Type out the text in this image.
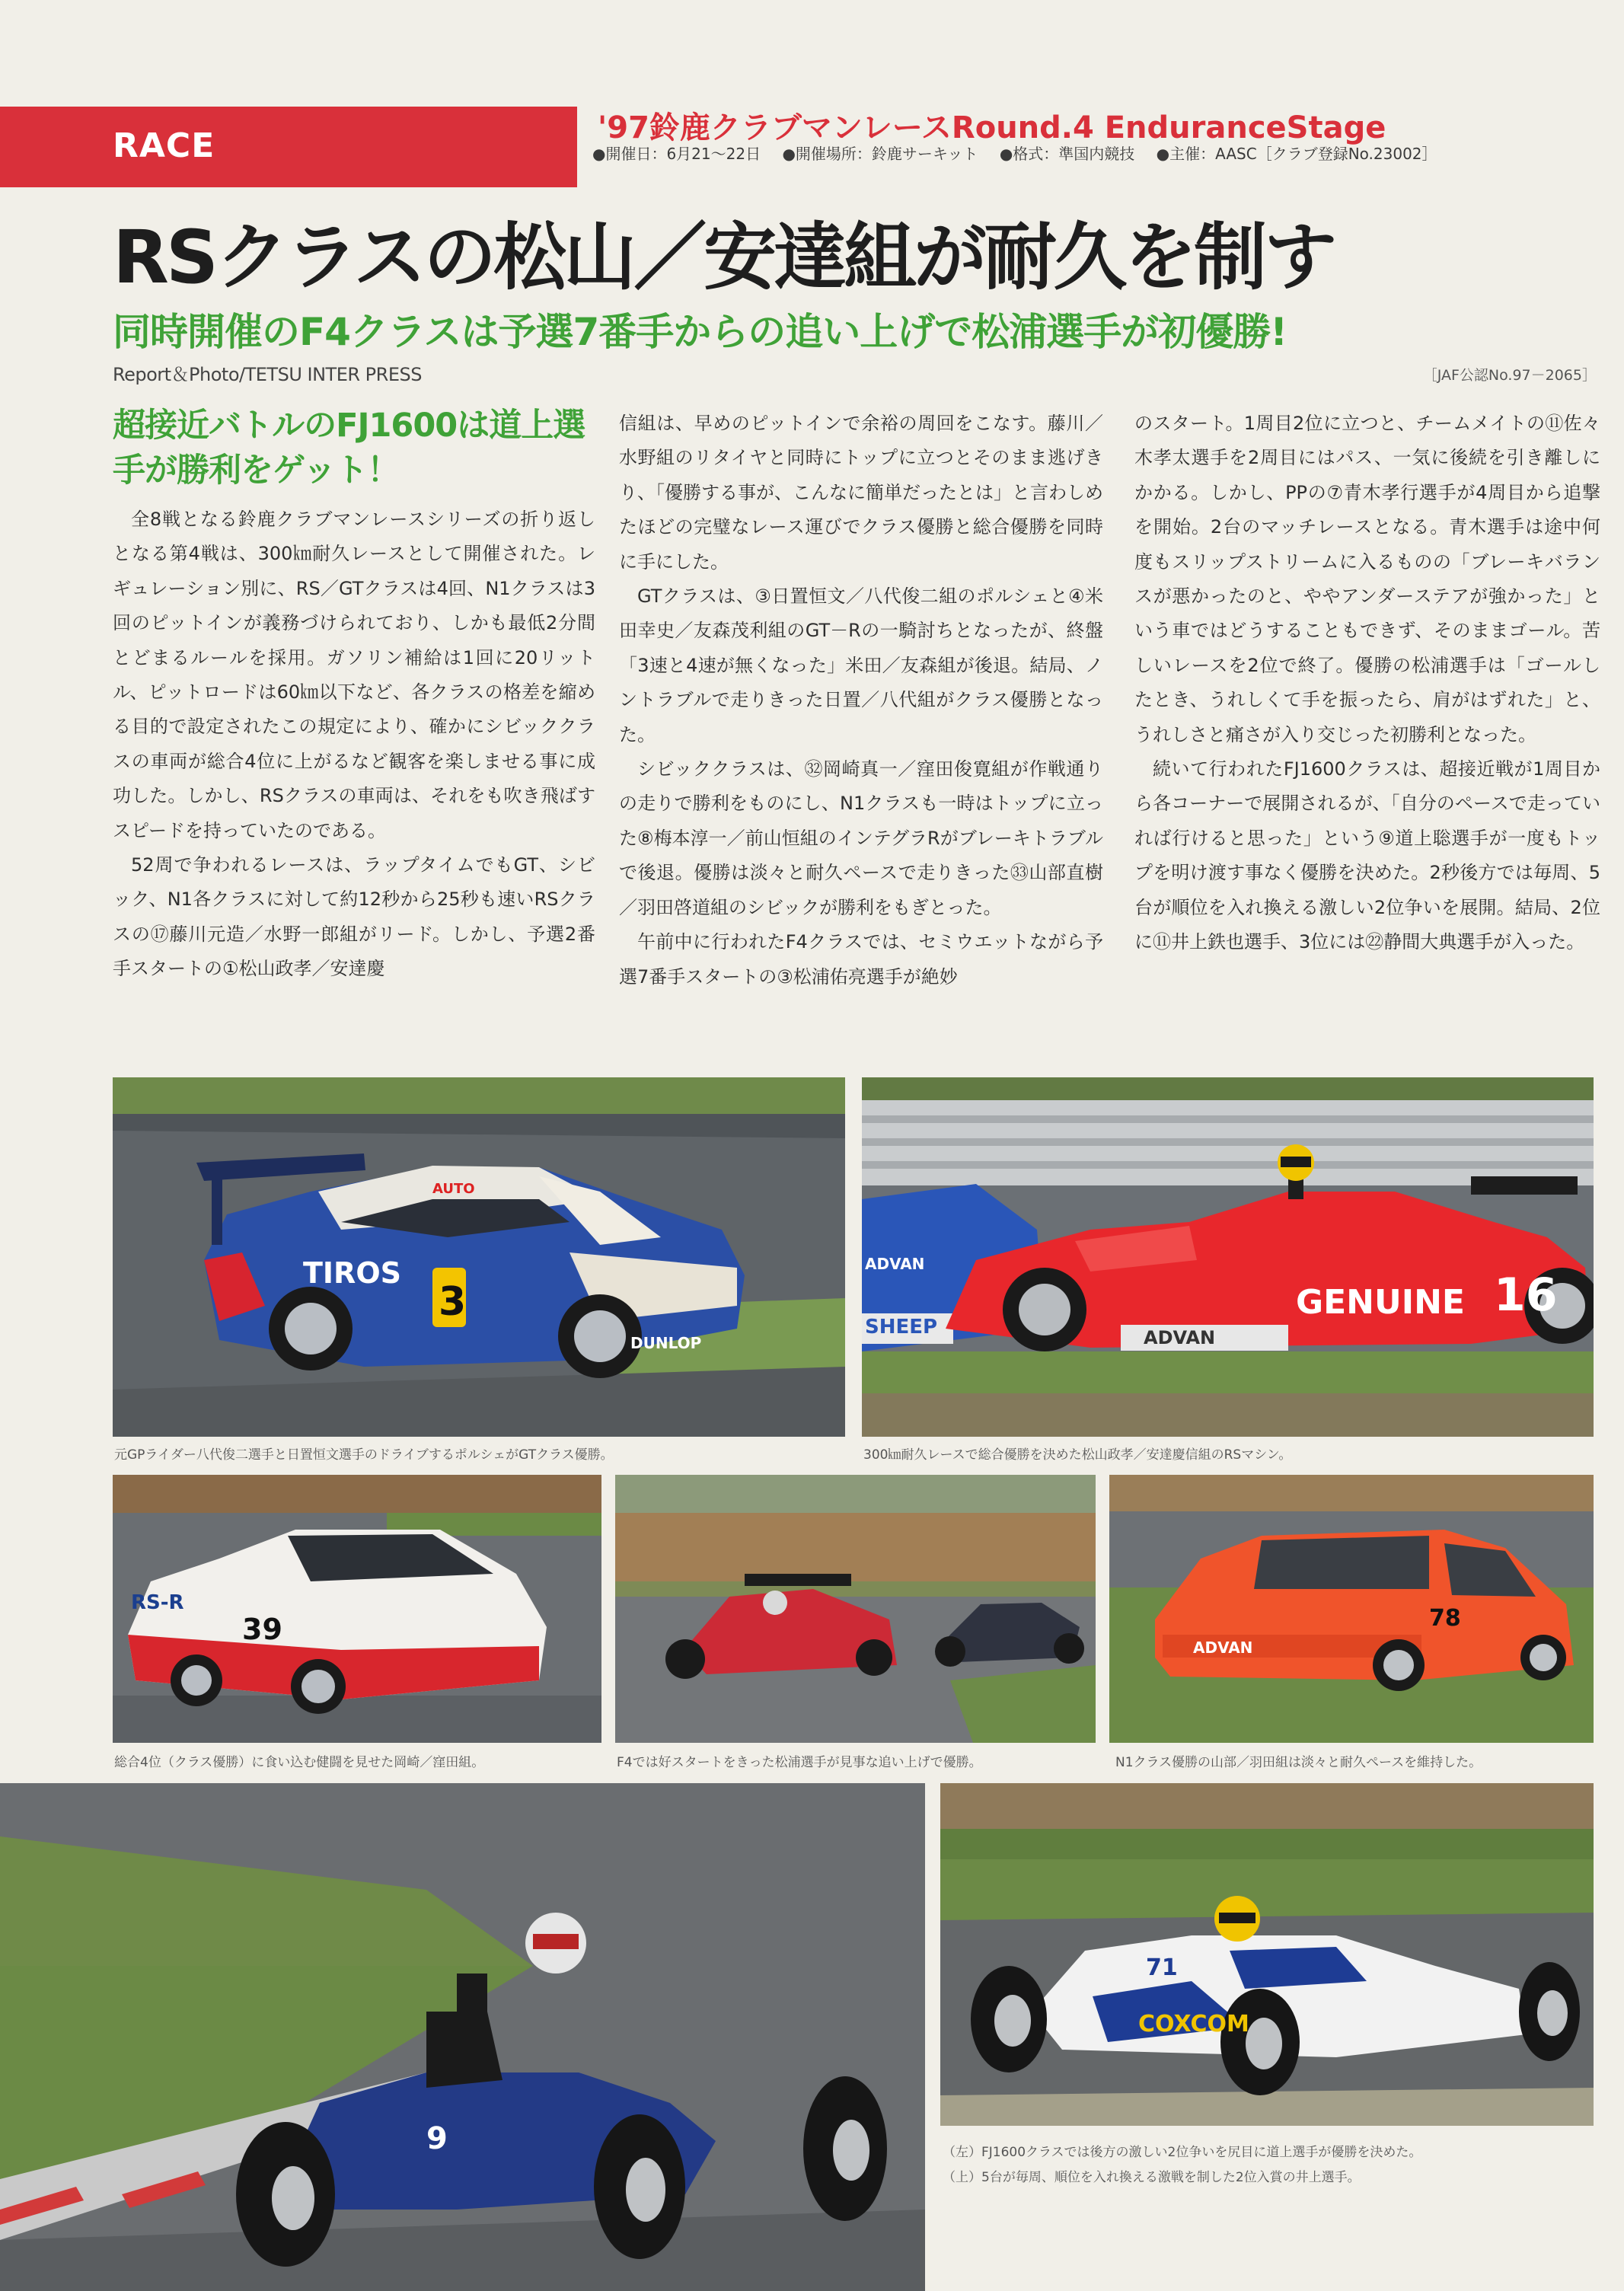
RACE	'97鈴鹿クラブマンレースRound.4 EnduranceStage
●開催日：6月21～22日 ●開催場所：鈴鹿サーキット ●格式：準国内競技 ●主催：AASC［クラブ登録No.23002］
RSクラスの松山／安達組が耐久を制す
同時開催のF4クラスは予選7番手からの追い上げで松浦選手が初優勝!
Report＆Photo/TETSU INTER PRESS	［JAF公認No.97－2065］
超接近バトルのFJ1600は道上選手が勝利をゲット！

全8戦となる鈴鹿クラブマンレースシリーズの折り返しとなる第4戦は、300㎞耐久レースとして開催された。レギュレーション別に、RS／GTクラスは4回、N1クラスは3回のピットインが義務づけられており、しかも最低2分間とどまるルールを採用。ガソリン補給は1回に20リットル、ピットロードは60㎞以下など、各クラスの格差を縮める目的で設定されたこの規定により、確かにシビッククラスの車両が総合4位に上がるなど観客を楽しませる事に成功した。しかし、RSクラスの車両は、それをも吹き飛ばすスピードを持っていたのである。

52周で争われるレースは、ラップタイムでもGT、シビック、N1各クラスに対して約12秒から25秒も速いRSクラスの⑰藤川元造／水野一郎組がリード。しかし、予選2番手スタートの①松山政孝／安達慶

信組は、早めのピットインで余裕の周回をこなす。藤川／水野組のリタイヤと同時にトップに立つとそのまま逃げきり、「優勝する事が、こんなに簡単だったとは」と言わしめたほどの完璧なレース運びでクラス優勝と総合優勝を同時に手にした。

GTクラスは、③日置恒文／八代俊二組のポルシェと④米田幸史／友森茂利組のGT－Rの一騎討ちとなったが、終盤「3速と4速が無くなった」米田／友森組が後退。結局、ノントラブルで走りきった日置／八代組がクラス優勝となった。

シビッククラスは、㉜岡崎真一／窪田俊寛組が作戦通りの走りで勝利をものにし、N1クラスも一時はトップに立った⑧梅本淳一／前山恒組のインテグラRがブレーキトラブルで後退。優勝は淡々と耐久ペースで走りきった㉝山部直樹／羽田啓道組のシビックが勝利をもぎとった。

午前中に行われたF4クラスでは、セミウエットながら予選7番手スタートの③松浦佑亮選手が絶妙

のスタート。1周目2位に立つと、チームメイトの⑪佐々木孝太選手を2周目にはパス、一気に後続を引き離しにかかる。しかし、PPの⑦青木孝行選手が4周目から追撃を開始。2台のマッチレースとなる。青木選手は途中何度もスリップストリームに入るものの「ブレーキバランスが悪かったのと、ややアンダーステアが強かった」という車ではどうすることもできず、そのままゴール。苦しいレースを2位で終了。優勝の松浦選手は「ゴールしたとき、うれしくて手を振ったら、肩がはずれた」と、うれしさと痛さが入り交じった初勝利となった。

続いて行われたFJ1600クラスは、超接近戦が1周目から各コーナーで展開されるが、「自分のペースで走っていれば行けると思った」という⑨道上聡選手が一度もトップを明け渡す事なく優勝を決めた。2秒後方では毎周、5台が順位を入れ換える激しい2位争いを展開。結局、2位に⑪井上鉄也選手、3位には㉒静間大典選手が入った。

AUTO
TIROS
3
DUNLOP
元GPライダー八代俊二選手と日置恒文選手のドライブするポルシェがGTクラス優勝。
SHEEP
ADVAN
GENUINE 16
ADVAN
300㎞耐久レースで総合優勝を決めた松山政孝／安達慶信組のRSマシン。
RS-R
39
総合4位（クラス優勝）に食い込む健闘を見せた岡崎／窪田組。	F4では好スタートをきった松浦選手が見事な追い上げで優勝。
78
ADVAN
N1クラス優勝の山部／羽田組は淡々と耐久ペースを維持した。
9
71
COXCOM
（左）FJ1600クラスでは後方の激しい2位争いを尻目に道上選手が優勝を決めた。
（上）5台が毎周、順位を入れ換える激戦を制した2位入賞の井上選手。
